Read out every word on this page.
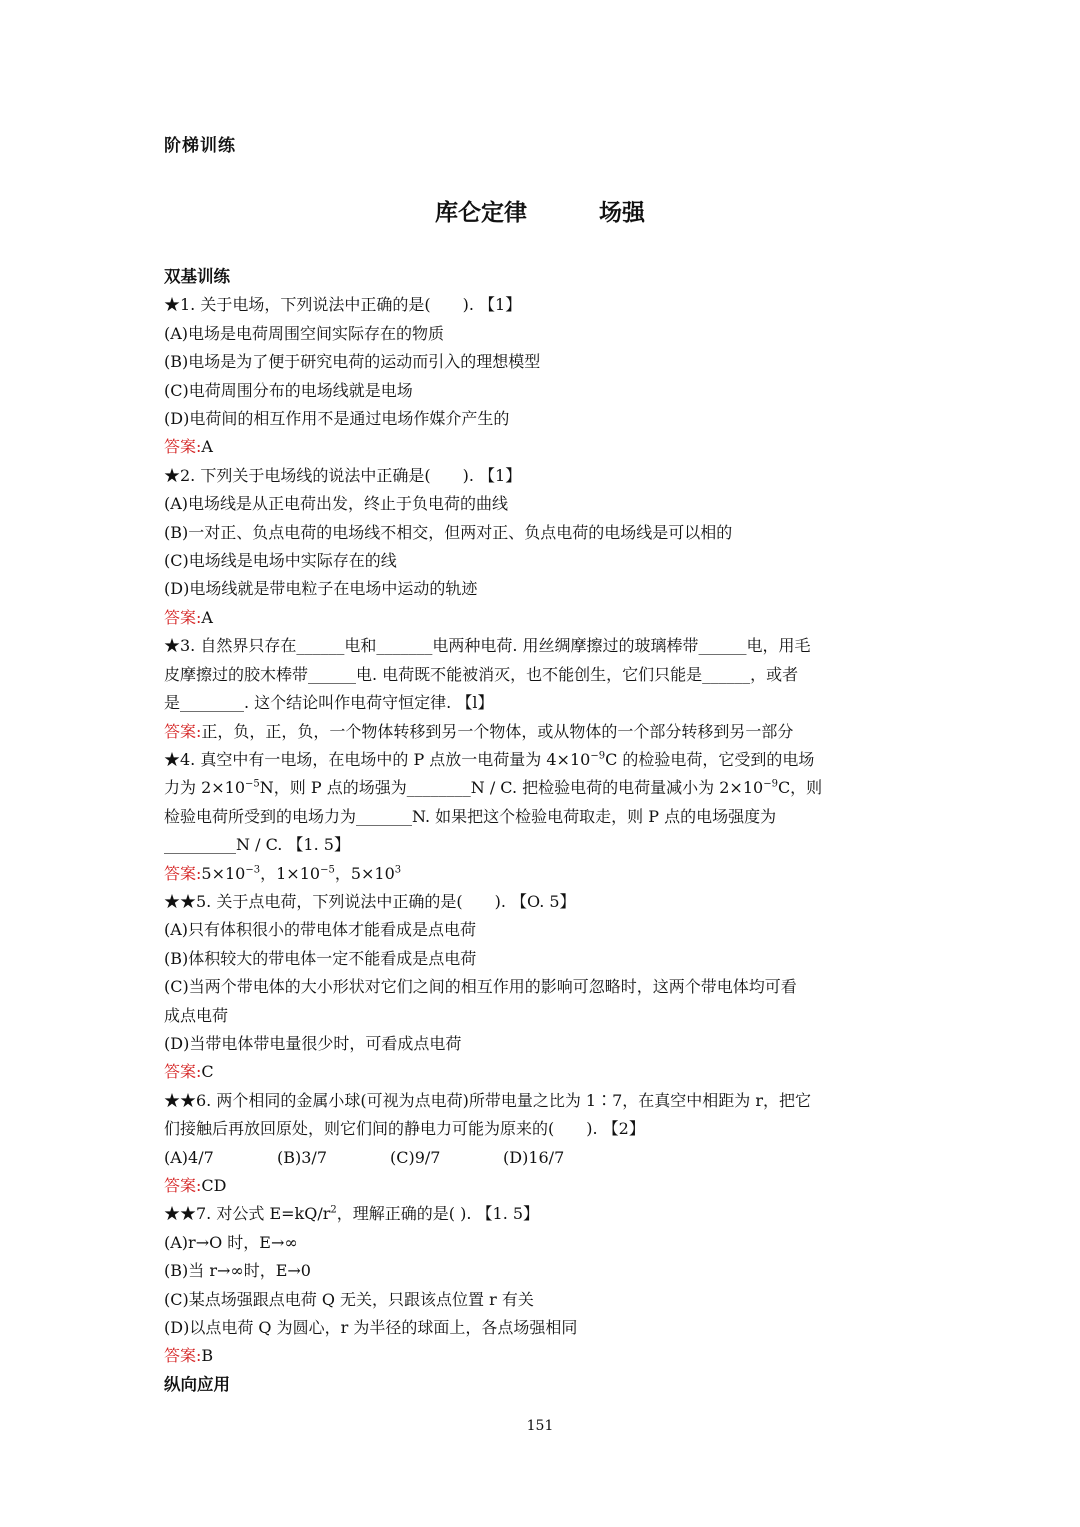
阶梯训练
库仑定律	场强
双基训练
★1. 关于电场，下列说法中正确的是(　　). 【1】
(A)电场是电荷周围空间实际存在的物质
(B)电场是为了便于研究电荷的运动而引入的理想模型
(C)电荷周围分布的电场线就是电场
(D)电荷间的相互作用不是通过电场作媒介产生的
答案:A
★2. 下列关于电场线的说法中正确是(　　). 【1】
(A)电场线是从正电荷出发，终止于负电荷的曲线
(B)一对正、负点电荷的电场线不相交，但两对正、负点电荷的电场线是可以相的
(C)电场线是电场中实际存在的线
(D)电场线就是带电粒子在电场中运动的轨迹
答案:A
★3. 自然界只存在______电和_______电两种电荷. 用丝绸摩擦过的玻璃棒带______电，用毛
皮摩擦过的胶木棒带______电. 电荷既不能被消灭，也不能创生，它们只能是______，或者
是________. 这个结论叫作电荷守恒定律. 【l】
答案:正，负，正，负，一个物体转移到另一个物体，或从物体的一个部分转移到另一部分
★4. 真空中有一电场，在电场中的 P 点放一电荷量为 $4\times 10^{-9}C$ 的检验电荷，它受到的电场
力为 $2\times 10^{-5}N$，则 P 点的场强为________N / C. 把检验电荷的电荷量减小为 $2\times 10^{-9}C$，则
检验电荷所受到的电场力为_______N. 如果把这个检验电荷取走，则 P 点的电场强度为
_________N / C. 【1. 5】
答案$:5\times 10^{-3}$，$1\times 10^{-5}$，$5\times 10^3$
★★5. 关于点电荷，下列说法中正确的是(　　). 【O. 5】
(A)只有体积很小的带电体才能看成是点电荷
(B)体积较大的带电体一定不能看成是点电荷
(C)当两个带电体的大小形状对它们之间的相互作用的影响可忽略时，这两个带电体均可看
成点电荷
(D)当带电体带电量很少时，可看成点电荷
答案:C
★★6. 两个相同的金属小球(可视为点电荷)所带电量之比为 1∶7，在真空中相距为 r，把它
们接触后再放回原处，则它们间的静电力可能为原来的(　　). 【2】
(A)4/7	(B)3/7	(C)9/7	(D)16/7
答案:CD
★★7. 对公式 $E=kQ/r^2$，理解正确的是( ). 【1. 5】
(A)r→O 时，E→∞
(B)当 r→∞时，E→0
(C)某点场强跟点电荷 Q 无关，只跟该点位置 r 有关
(D)以点电荷 Q 为圆心，r 为半径的球面上，各点场强相同
答案:B
纵向应用
151
